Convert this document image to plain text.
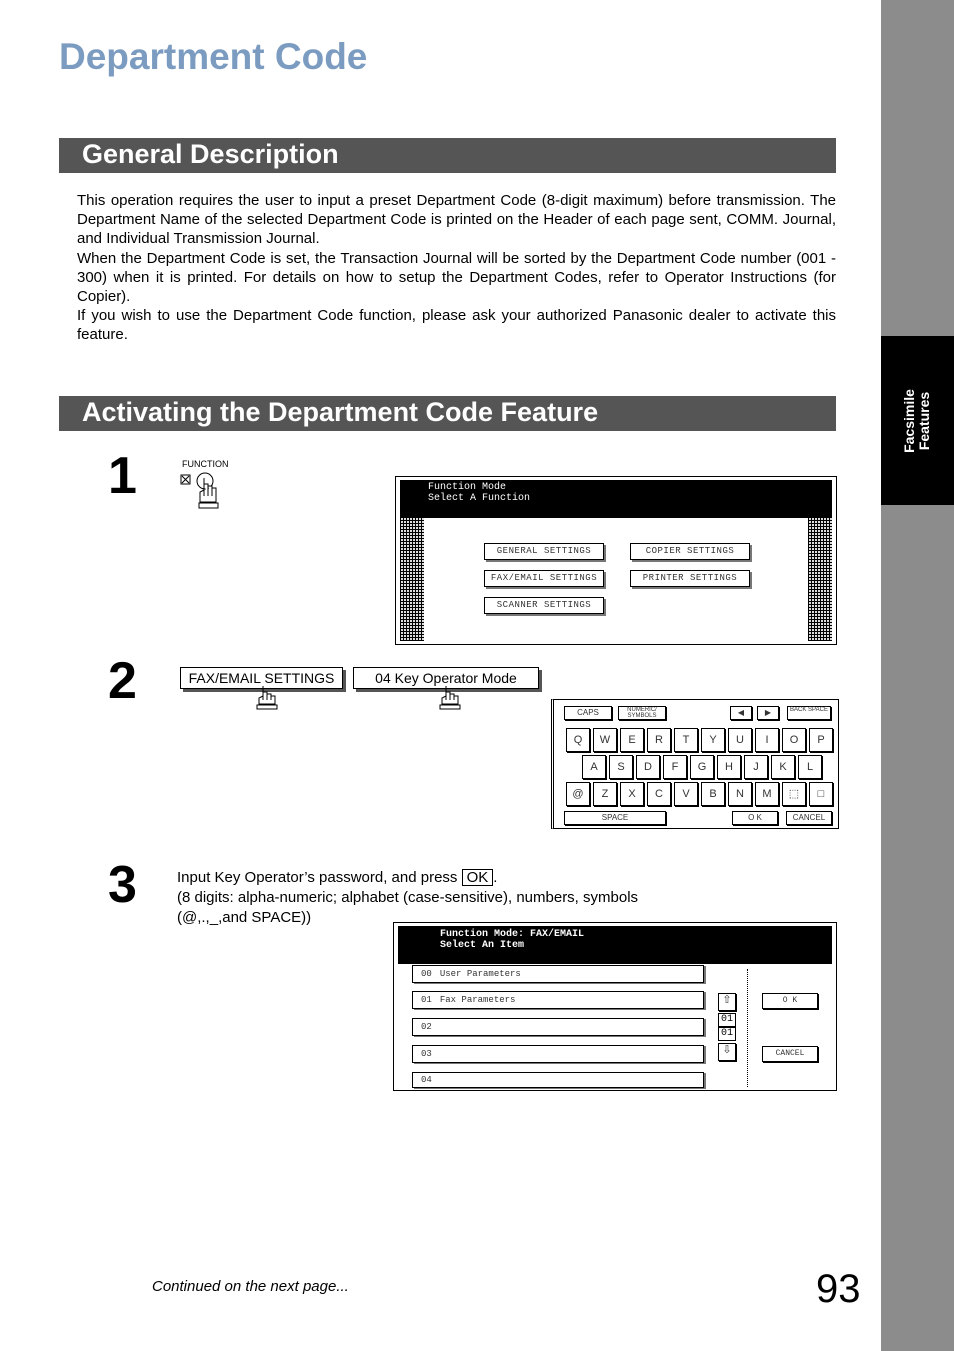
Facsimile
Features
Department Code
General Description

This operation requires the user to input a preset Department Code (8-digit maximum) before transmission. The Department Name of the selected Department Code is printed on the Header of each page sent, COMM. Journal, and Individual Transmission Journal.

When the Department Code is set, the Transaction Journal will be sorted by the Department Code number (001 - 300) when it is printed. For details on how to setup the Department Codes, refer to Operator Instructions (for Copier).

If you wish to use the Department Code function, please ask your authorized Panasonic dealer to activate this feature.

Activating the Department Code Feature
1	FUNCTION
Function Mode
Select A Function
GENERAL SETTINGS	COPIER SETTINGS
FAX/EMAIL SETTINGS	PRINTER SETTINGS
SCANNER SETTINGS
2	FAX/EMAIL SETTINGS	04 Key Operator Mode
CAPS	NUMERIC/ SYMBOLS	◀	▶	BACK SPACE
Q	W	E	R	T	Y	U	I	O	P
A	S	D	F	G	H	J	K	L
@	Z	X	C	V	B	N	M	⬚	□
SPACE	O K	CANCEL
3	Input Key Operator’s password, and press OK .
(8 digits: alpha-numeric; alphabet (case-sensitive), numbers, symbols
(@,.,_,and SPACE))
Function Mode: FAX/EMAIL
Select An Item
00 User Parameters
01 Fax Parameters
02
03
04
⇧
01
01
⇩
O K
CANCEL
Continued on the next page...	93
